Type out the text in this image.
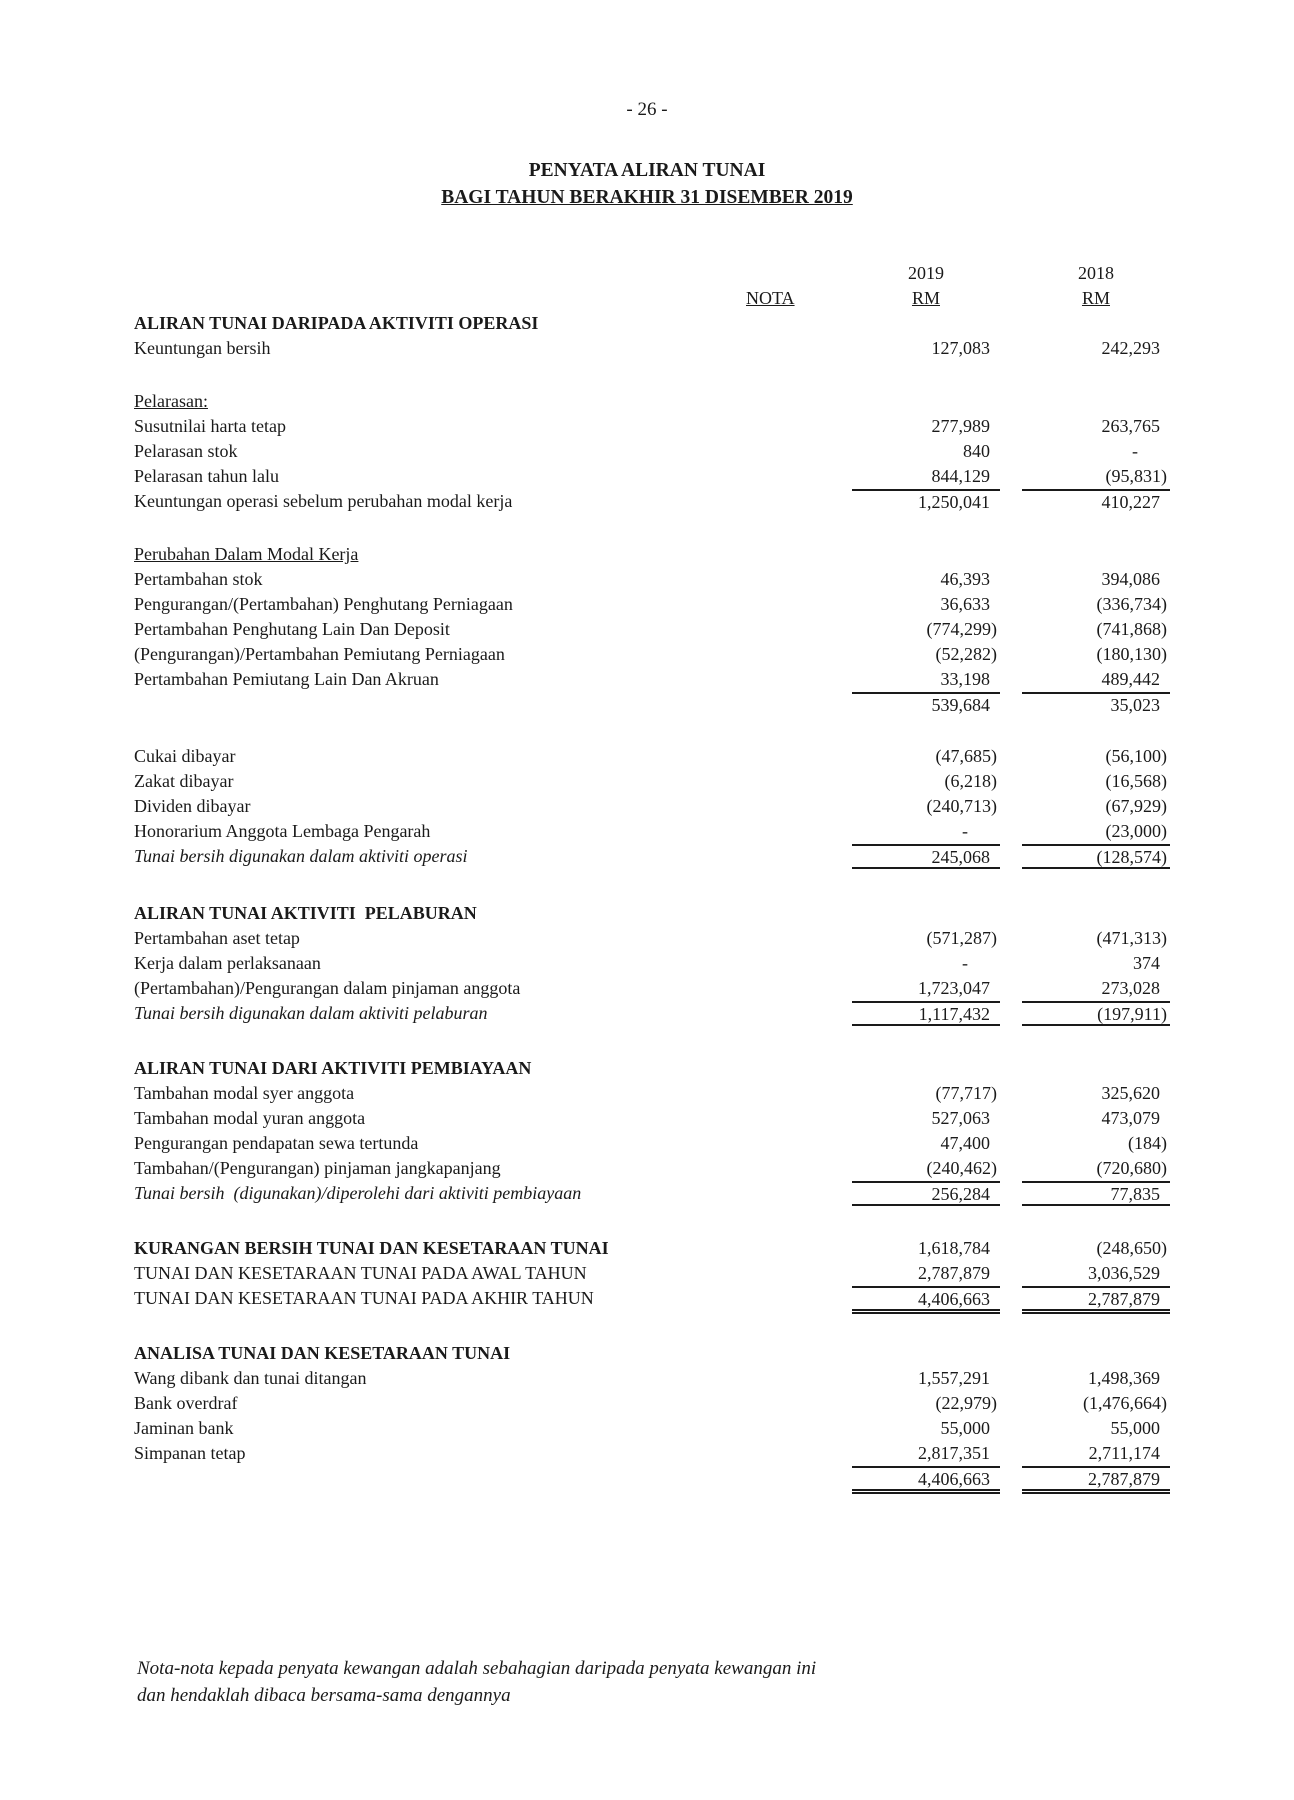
- 26 -
PENYATA ALIRAN TUNAI
BAGI TAHUN BERAKHIR 31 DISEMBER 2019
2019	2018
NOTA	RM	RM
ALIRAN TUNAI DARIPADA AKTIVITI OPERASI
Keuntungan bersih	127,083	242,293
Pelarasan:
Susutnilai harta tetap	277,989	263,765
Pelarasan stok	840	-
Pelarasan tahun lalu	844,129	(95,831)
Keuntungan operasi sebelum perubahan modal kerja	1,250,041	410,227
Perubahan Dalam Modal Kerja
Pertambahan stok	46,393	394,086
Pengurangan/(Pertambahan) Penghutang Perniagaan	36,633	(336,734)
Pertambahan Penghutang Lain Dan Deposit	(774,299)	(741,868)
(Pengurangan)/Pertambahan Pemiutang Perniagaan	(52,282)	(180,130)
Pertambahan Pemiutang Lain Dan Akruan	33,198	489,442
539,684	35,023
Cukai dibayar	(47,685)	(56,100)
Zakat dibayar	(6,218)	(16,568)
Dividen dibayar	(240,713)	(67,929)
Honorarium Anggota Lembaga Pengarah	-	(23,000)
Tunai bersih digunakan dalam aktiviti operasi	245,068	(128,574)
ALIRAN TUNAI AKTIVITI  PELABURAN
Pertambahan aset tetap	(571,287)	(471,313)
Kerja dalam perlaksanaan	-	374
(Pertambahan)/Pengurangan dalam pinjaman anggota	1,723,047	273,028
Tunai bersih digunakan dalam aktiviti pelaburan	1,117,432	(197,911)
ALIRAN TUNAI DARI AKTIVITI PEMBIAYAAN
Tambahan modal syer anggota	(77,717)	325,620
Tambahan modal yuran anggota	527,063	473,079
Pengurangan pendapatan sewa tertunda	47,400	(184)
Tambahan/(Pengurangan) pinjaman jangkapanjang	(240,462)	(720,680)
Tunai bersih  (digunakan)/diperolehi dari aktiviti pembiayaan	256,284	77,835
KURANGAN BERSIH TUNAI DAN KESETARAAN TUNAI	1,618,784	(248,650)
TUNAI DAN KESETARAAN TUNAI PADA AWAL TAHUN	2,787,879	3,036,529
TUNAI DAN KESETARAAN TUNAI PADA AKHIR TAHUN	4,406,663	2,787,879
ANALISA TUNAI DAN KESETARAAN TUNAI
Wang dibank dan tunai ditangan	1,557,291	1,498,369
Bank overdraf	(22,979)	(1,476,664)
Jaminan bank	55,000	55,000
Simpanan tetap	2,817,351	2,711,174
4,406,663	2,787,879
Nota-nota kepada penyata kewangan adalah sebahagian daripada penyata kewangan ini
dan hendaklah dibaca bersama-sama dengannya
